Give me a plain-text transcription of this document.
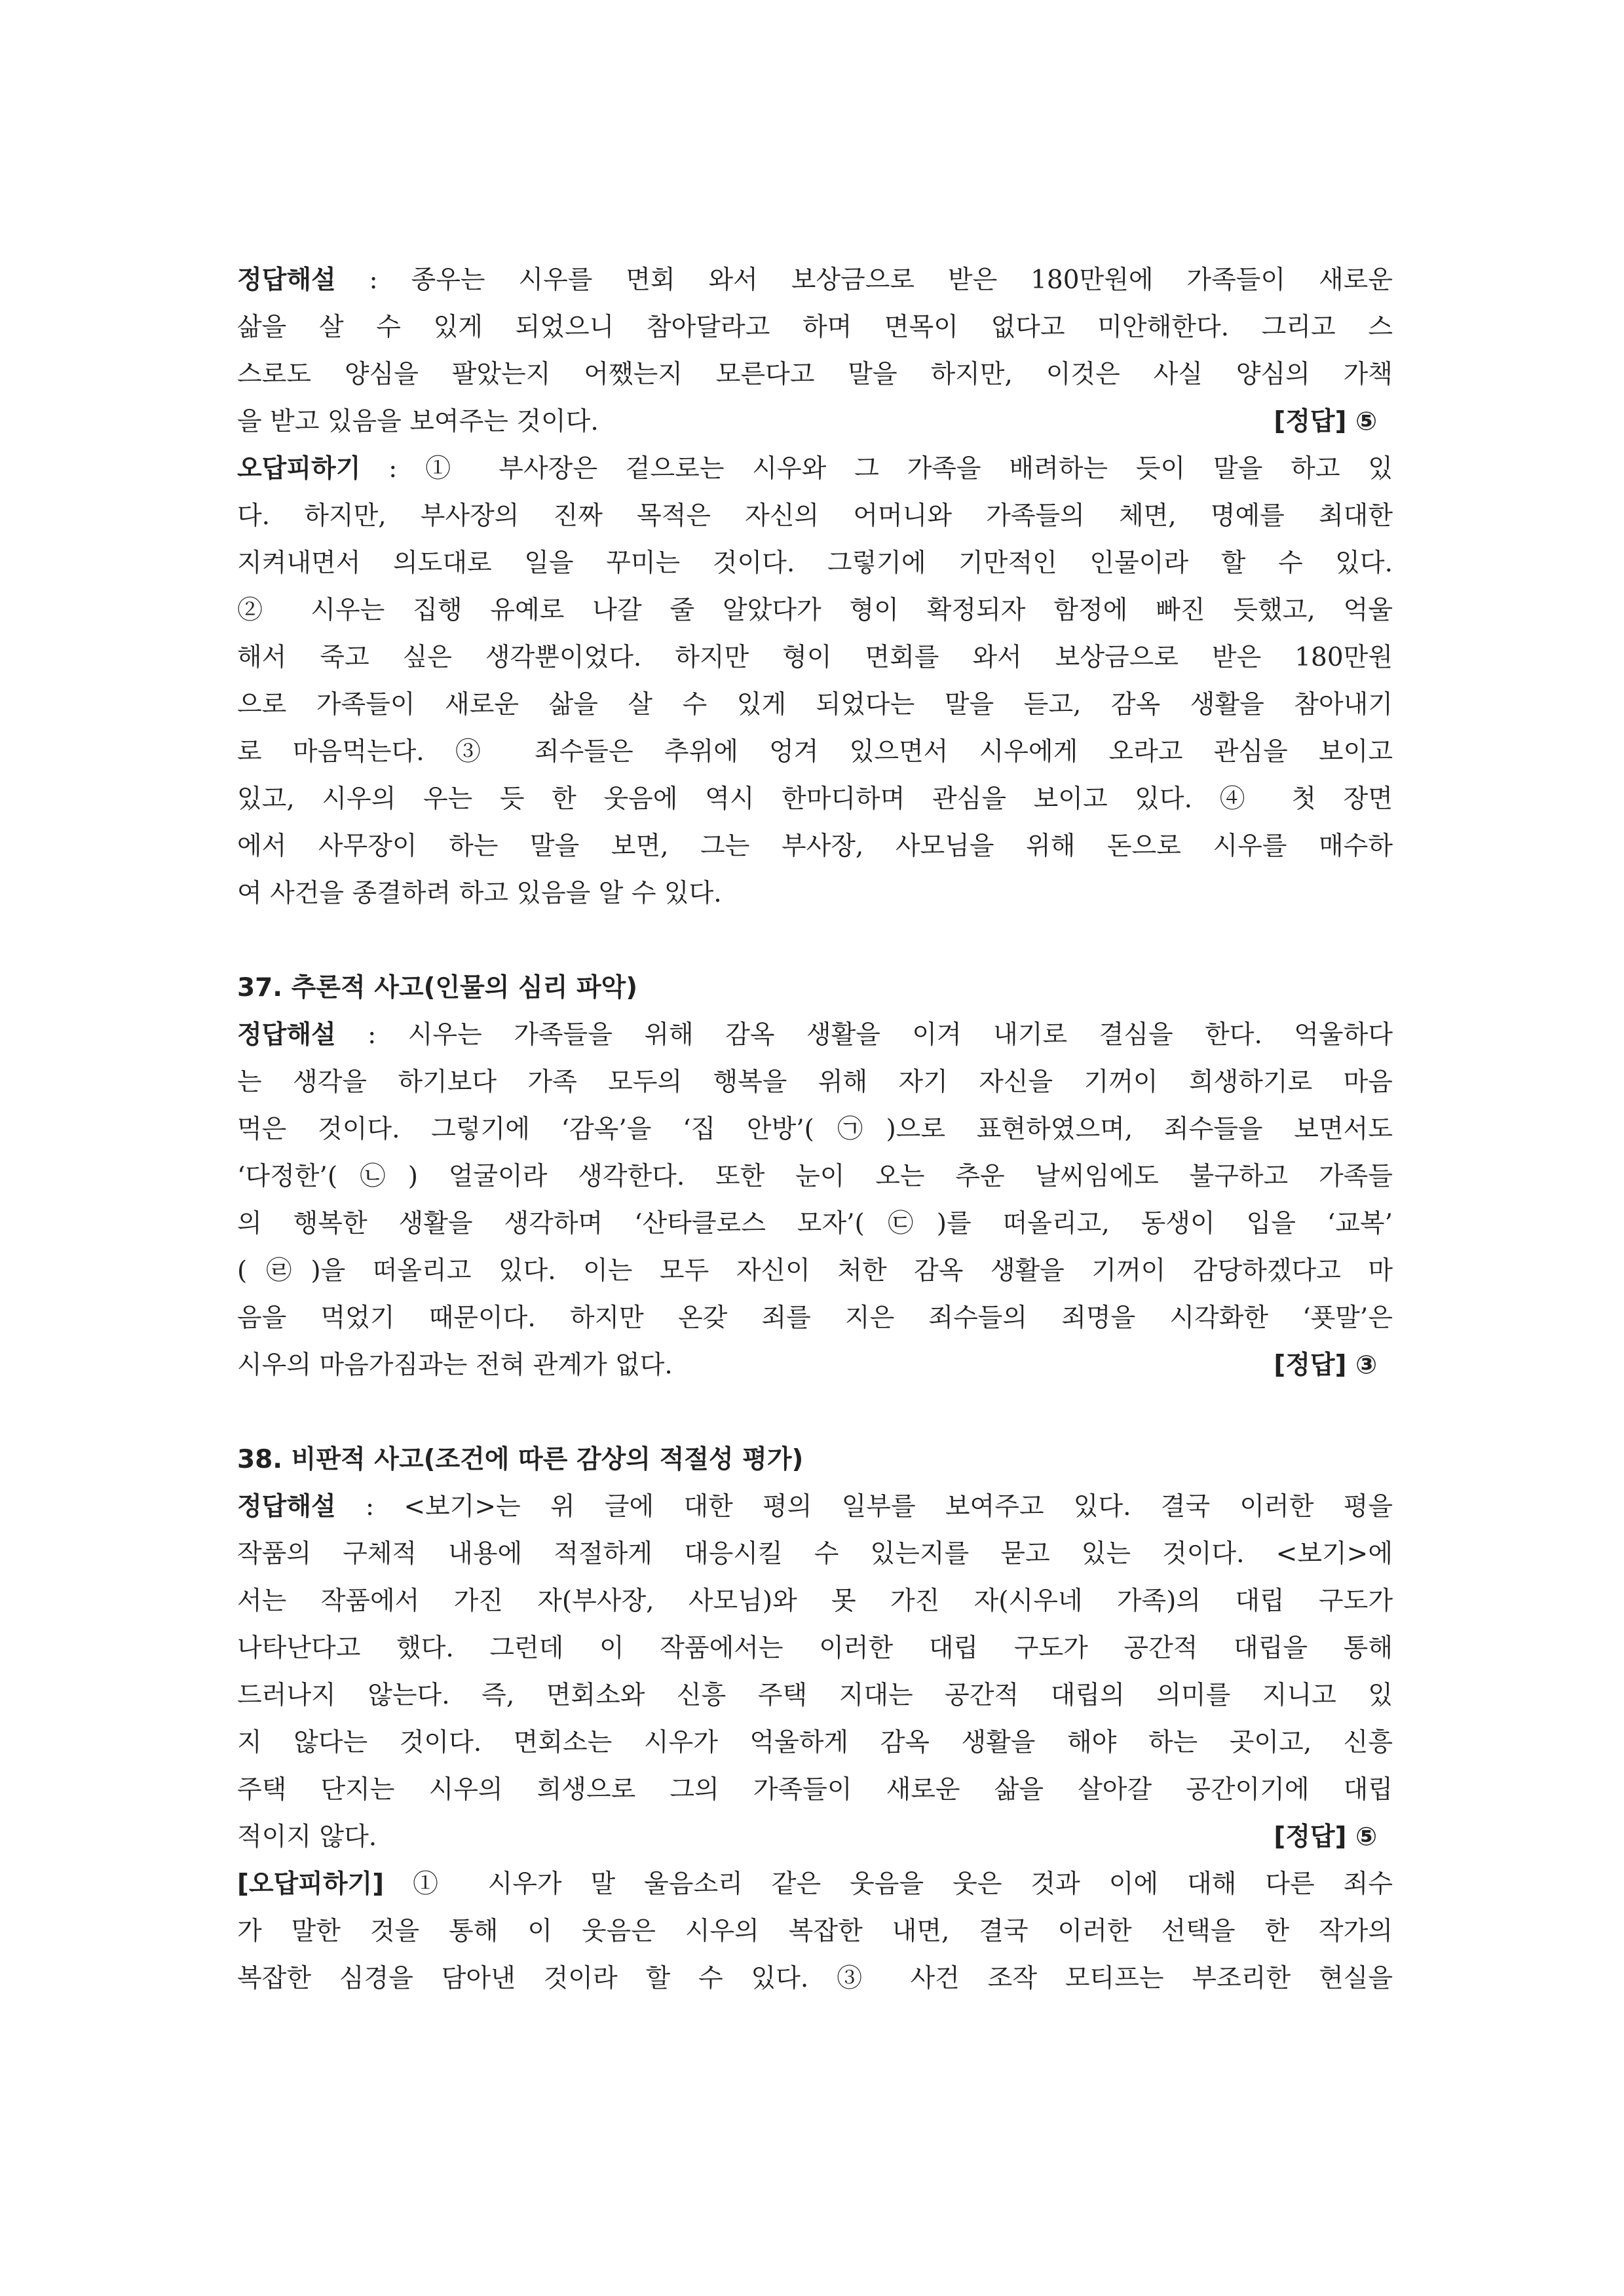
정답해설 : 종우는 시우를 면회 와서 보상금으로 받은 180만원에 가족들이 새로운
삶을 살 수 있게 되었으니 참아달라고 하며 면목이 없다고 미안해한다. 그리고 스
스로도 양심을 팔았는지 어쨌는지 모른다고 말을 하지만, 이것은 사실 양심의 가책
을 받고 있음을 보여주는 것이다.	[정답] ⑤

오답피하기 : ① 부사장은 겉으로는 시우와 그 가족을 배려하는 듯이 말을 하고 있
다. 하지만, 부사장의 진짜 목적은 자신의 어머니와 가족들의 체면, 명예를 최대한
지켜내면서 의도대로 일을 꾸미는 것이다. 그렇기에 기만적인 인물이라 할 수 있다.
② 시우는 집행 유예로 나갈 줄 알았다가 형이 확정되자 함정에 빠진 듯했고, 억울
해서 죽고 싶은 생각뿐이었다. 하지만 형이 면회를 와서 보상금으로 받은 180만원
으로 가족들이 새로운 삶을 살 수 있게 되었다는 말을 듣고, 감옥 생활을 참아내기
로 마음먹는다. ③ 죄수들은 추위에 엉겨 있으면서 시우에게 오라고 관심을 보이고
있고, 시우의 우는 듯 한 웃음에 역시 한마디하며 관심을 보이고 있다. ④ 첫 장면
에서 사무장이 하는 말을 보면, 그는 부사장, 사모님을 위해 돈으로 시우를 매수하
여 사건을 종결하려 하고 있음을 알 수 있다.

37. 추론적 사고(인물의 심리 파악)

정답해설 : 시우는 가족들을 위해 감옥 생활을 이겨 내기로 결심을 한다. 억울하다
는 생각을 하기보다 가족 모두의 행복을 위해 자기 자신을 기꺼이 희생하기로 마음
먹은 것이다. 그렇기에 ‘감옥’을 ‘집 안방’(㉠)으로 표현하였으며, 죄수들을 보면서도
‘다정한’(㉡) 얼굴이라 생각한다. 또한 눈이 오는 추운 날씨임에도 불구하고 가족들
의 행복한 생활을 생각하며 ‘산타클로스 모자’(㉢)를 떠올리고, 동생이 입을 ‘교복’
(㉣)을 떠올리고 있다. 이는 모두 자신이 처한 감옥 생활을 기꺼이 감당하겠다고 마
음을 먹었기 때문이다. 하지만 온갖 죄를 지은 죄수들의 죄명을 시각화한 ‘푯말’은
시우의 마음가짐과는 전혀 관계가 없다.	[정답] ③

38. 비판적 사고(조건에 따른 감상의 적절성 평가)

정답해설 : <보기>는 위 글에 대한 평의 일부를 보여주고 있다. 결국 이러한 평을
작품의 구체적 내용에 적절하게 대응시킬 수 있는지를 묻고 있는 것이다. <보기>에
서는 작품에서 가진 자(부사장, 사모님)와 못 가진 자(시우네 가족)의 대립 구도가
나타난다고 했다. 그런데 이 작품에서는 이러한 대립 구도가 공간적 대립을 통해
드러나지 않는다. 즉, 면회소와 신흥 주택 지대는 공간적 대립의 의미를 지니고 있
지 않다는 것이다. 면회소는 시우가 억울하게 감옥 생활을 해야 하는 곳이고, 신흥
주택 단지는 시우의 희생으로 그의 가족들이 새로운 삶을 살아갈 공간이기에 대립
적이지 않다.	[정답] ⑤

[오답피하기] ① 시우가 말 울음소리 같은 웃음을 웃은 것과 이에 대해 다른 죄수
가 말한 것을 통해 이 웃음은 시우의 복잡한 내면, 결국 이러한 선택을 한 작가의
복잡한 심경을 담아낸 것이라 할 수 있다. ③ 사건 조작 모티프는 부조리한 현실을
